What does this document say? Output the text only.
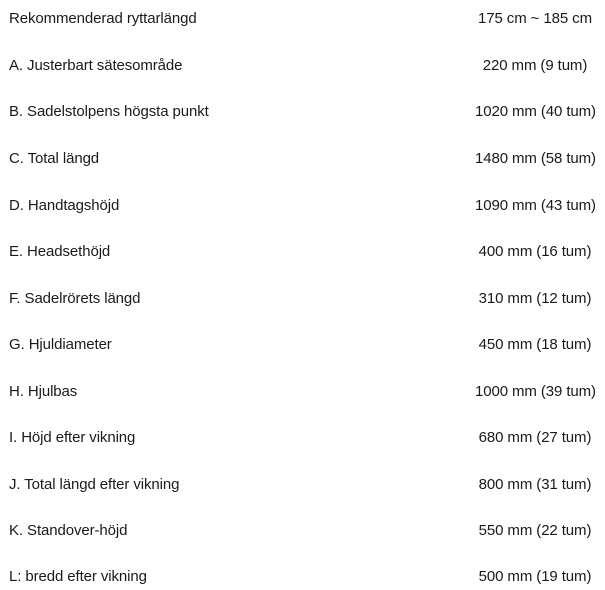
Rekommenderad ryttarlängd	175 cm ~ 185 cm
A. Justerbart sätesområde	220 mm (9 tum)
B. Sadelstolpens högsta punkt	1020 mm (40 tum)
C. Total längd	1480 mm (58 tum)
D. Handtagshöjd	1090 mm (43 tum)
E. Headsethöjd	400 mm (16 tum)
F. Sadelrörets längd	310 mm (12 tum)
G. Hjuldiameter	450 mm (18 tum)
H. Hjulbas	1000 mm (39 tum)
I. Höjd efter vikning	680 mm (27 tum)
J. Total längd efter vikning	800 mm (31 tum)
K. Standover-höjd	550 mm (22 tum)
L: bredd efter vikning	500 mm (19 tum)
